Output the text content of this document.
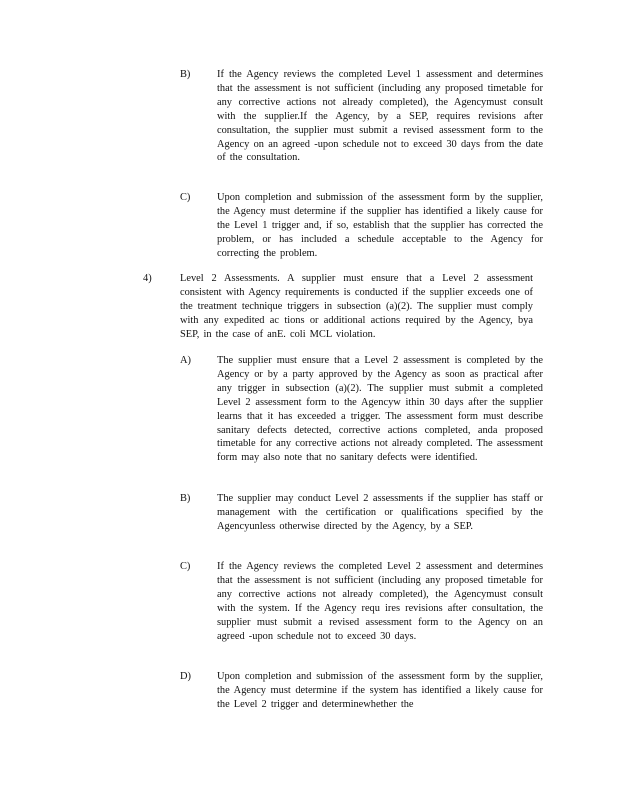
B)	If the Agency reviews the completed Level 1 assessment and determines that the assessment is not sufficient (including any proposed timetable for any corrective actions not already completed), the Agencymust consult with the supplier.If the Agency, by a SEP, requires revisions after consultation, the supplier must submit a revised assessment form to the Agency on an agreed -upon schedule not to exceed 30 days from the date of the consultation.

C)	Upon completion and submission of the assessment form by the supplier, the Agency must determine if the supplier has identified a likely cause for the Level 1 trigger and, if so, establish that the supplier has corrected the problem, or has included a schedule acceptable to the Agency for correcting the problem.

4)	Level 2 Assessments. A supplier must ensure that a Level 2 assessment consistent with Agency requirements is conducted if the supplier exceeds one of the treatment technique triggers in subsection (a)(2). The supplier must comply with any expedited ac tions or additional actions required by the Agency, bya SEP, in the case of anE. coli MCL violation.

A)	The supplier must ensure that a Level 2 assessment is completed by the Agency or by a party approved by the Agency as soon as practical after any trigger in subsection (a)(2). The supplier must submit a completed Level 2 assessment form to the Agencyw ithin 30 days after the supplier learns that it has exceeded a trigger. The assessment form must describe sanitary defects detected, corrective actions completed, anda proposed timetable for any corrective actions not already completed. The assessment form may also note that no sanitary defects were identified.

B)	The supplier may conduct Level 2 assessments if the supplier has staff or management with the certification or qualifications specified by the Agencyunless otherwise directed by the Agency, by a SEP.

C)	If the Agency reviews the completed Level 2 assessment and determines that the assessment is not sufficient (including any proposed timetable for any corrective actions not already completed), the Agencymust consult with the system. If the Agency requ ires revisions after consultation, the supplier must submit a revised assessment form to the Agency on an agreed -upon schedule not to exceed 30 days.

D)	Upon completion and submission of the assessment form by the supplier, the Agency must determine if the system has identified a likely cause for the Level 2 trigger and determinewhether the
